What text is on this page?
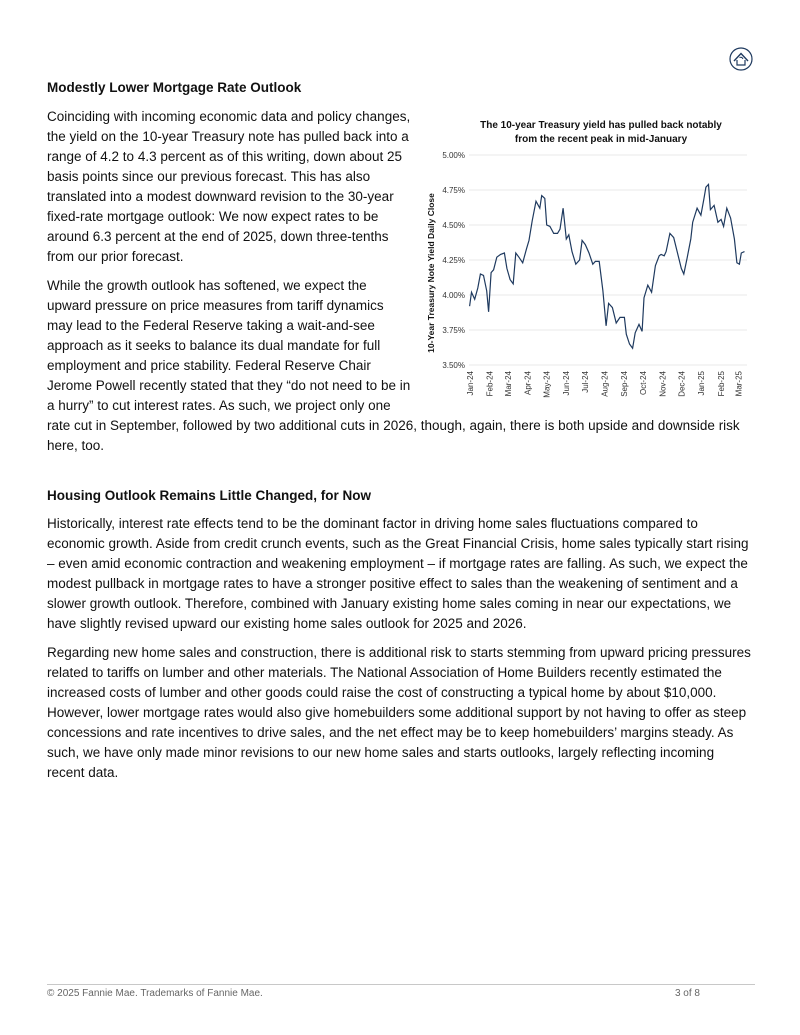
Modestly Lower Mortgage Rate Outlook
The 10-year Treasury yield has pulled back notably
from the recent peak in mid-January
10-Year Treasury Note Yield Daily Close
3.50%
3.75%
4.00%
4.25%
4.50%
4.75%
5.00%
Jan-24 Feb-24 Mar-24 Apr-24 May-24 Jun-24 Jul-24 Aug-24 Sep-24 Oct-24 Nov-24 Dec-24 Jan-25 Feb-25 Mar-25

Coinciding with incoming economic data and policy changes, the yield on the 10-year Treasury note has pulled back into a range of 4.2 to 4.3 percent as of this writing, down about 25 basis points since our previous forecast. This has also translated into a modest downward revision to the 30-year fixed-rate mortgage outlook: We now expect rates to be around 6.3 percent at the end of 2025, down three-tenths from our prior forecast.

While the growth outlook has softened, we expect the upward pressure on price measures from tariff dynamics may lead to the Federal Reserve taking a wait-and-see approach as it seeks to balance its dual mandate for full employment and price stability. Federal Reserve Chair Jerome Powell recently stated that they “do not need to be in a hurry” to cut interest rates. As such, we project only one rate cut in September, followed by two additional cuts in 2026, though, again, there is both upside and downside risk here, too.

Housing Outlook Remains Little Changed, for Now

Historically, interest rate effects tend to be the dominant factor in driving home sales fluctuations compared to economic growth. Aside from credit crunch events, such as the Great Financial Crisis, home sales typically start rising – even amid economic contraction and weakening employment – if mortgage rates are falling. As such, we expect the modest pullback in mortgage rates to have a stronger positive effect to sales than the weakening of sentiment and a slower growth outlook. Therefore, combined with January existing home sales coming in near our expectations, we have slightly revised upward our existing home sales outlook for 2025 and 2026.

Regarding new home sales and construction, there is additional risk to starts stemming from upward pricing pressures related to tariffs on lumber and other materials. The National Association of Home Builders recently estimated the increased costs of lumber and other goods could raise the cost of constructing a typical home by about $10,000. However, lower mortgage rates would also give homebuilders some additional support by not having to offer as steep concessions and rate incentives to drive sales, and the net effect may be to keep homebuilders’ margins steady. As such, we have only made minor revisions to our new home sales and starts outlooks, largely reflecting incoming recent data.

© 2025 Fannie Mae. Trademarks of Fannie Mae.	3 of 8
